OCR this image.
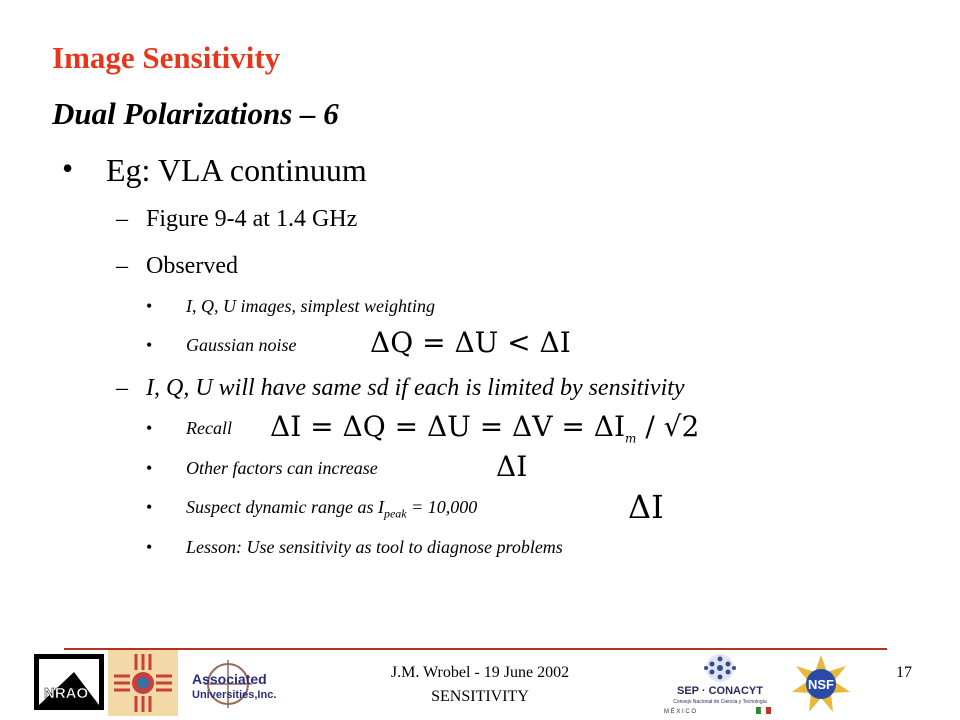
Image Sensitivity
Dual Polarizations – 6
• Eg: VLA continuum
– Figure 9-4 at 1.4 GHz
– Observed
• I, Q, U images, simplest weighting
• Gaussian noise	ΔQ = ΔU < ΔI
– I, Q, U will have same sd if each is limited by sensitivity
• Recall $\Delta I = \Delta Q = \Delta U = \Delta V = \Delta I_m / √2$
• Other factors can increase	ΔI
• Suspect dynamic range as $I_{peak} = 10,000$	ΔI
• Lesson: Use sensitivity as tool to diagnose problems
NRAO
Associated
Universities,Inc.
J.M. Wrobel - 19 June 2002
SENSITIVITY	SEP · CONACYT
Consejo Nacional de Ciencia y Tecnología
M É X I C O
NSF
17
